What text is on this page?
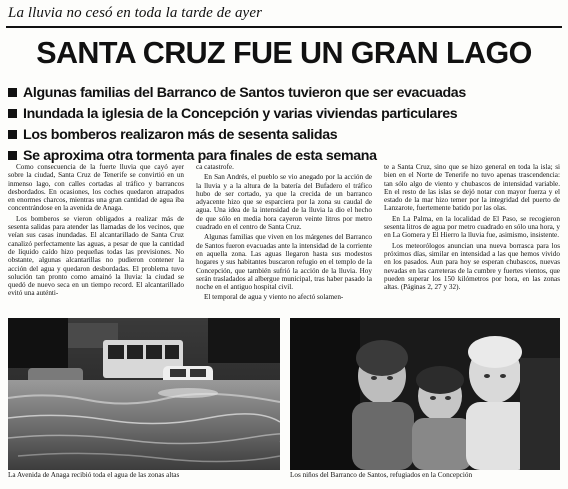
La lluvia no cesó en toda la tarde de ayer
SANTA CRUZ FUE UN GRAN LAGO
Algunas familias del Barranco de Santos tuvieron que ser evacuadas
Inundada la iglesia de la Concepción y varias viviendas particulares
Los bomberos realizaron más de sesenta salidas
Se aproxima otra tormenta para finales de esta semana

Como consecuencia de la fuerte lluvia que cayó ayer sobre la ciudad, Santa Cruz de Tenerife se convirtió en un inmenso lago, con calles cortadas al tráfico y barrancos desbordados. En ocasiones, los coches quedaron atrapados en enormes charcos, mientras una gran cantidad de agua iba concentrándose en la avenida de Anaga.

Los bomberos se vieron obligados a realizar más de sesenta salidas para atender las llamadas de los vecinos, que veían sus casas inundadas. El alcantarillado de Santa Cruz canalizó perfectamente las aguas, a pesar de que la cantidad de líquido caído hizo pequeñas todas las previsiones. No obstante, algunas alcantarillas no pudieron contener la acción del agua y quedaron desbordadas. El problema tuvo solución tan pronto como amainó la lluvia: la ciudad se quedó de nuevo seca en un tiempo record. El alcantarillado evitó una auténti-

ca catastrofe.

En San Andrés, el pueblo se vio anegado por la acción de la lluvia y a la altura de la batería del Bufadero el tráfico hubo de ser cortado, ya que la crecida de un barranco adyacente hizo que se esparciera por la zona su caudal de agua. Una idea de la intensidad de la lluvia la dio el hecho de que sólo en media hora cayeron veinte litros por metro cuadrado en el centro de Santa Cruz.

Algunas familias que viven en los márgenes del Barranco de Santos fueron evacuadas ante la intensidad de la corriente en aquella zona. Las aguas llegaron hasta sus modestos hogares y sus habitantes buscaron refugio en el templo de la Concepción, que también sufrió la acción de la lluvia. Hoy serán trasladados al albergue municipal, tras haber pasado la noche en el antiguo hospital civil.

El temporal de agua y viento no afectó solamen-

te a Santa Cruz, sino que se hizo general en toda la isla; si bien en el Norte de Tenerife no tuvo apenas trascendencia: tan sólo algo de viento y chubascos de intensidad variable. En el resto de las islas se dejó notar con mayor fuerza y el estado de la mar hizo temer por la integridad del puerto de Lanzarote, fuertemente batido por las olas.

En La Palma, en la localidad de El Paso, se recogieron sesenta litros de agua por metro cuadrado en sólo una hora, y en La Gomera y El Hierro la lluvia fue, asimismo, insistente.

Los meteorólogos anuncian una nueva borrasca para los próximos días, similar en intensidad a las que hemos vivido en los pasados. Aun para hoy se esperan chubascos, nuevas nevadas en las carreteras de la cumbre y fuertes vientos, que pueden superar los 150 kilómetros por hora, en las zonas altas. (Páginas 2, 27 y 32).

La Avenida de Anaga recibió toda el agua de las zonas altas	Los niños del Barranco de Santos, refugiados en la Concepción
